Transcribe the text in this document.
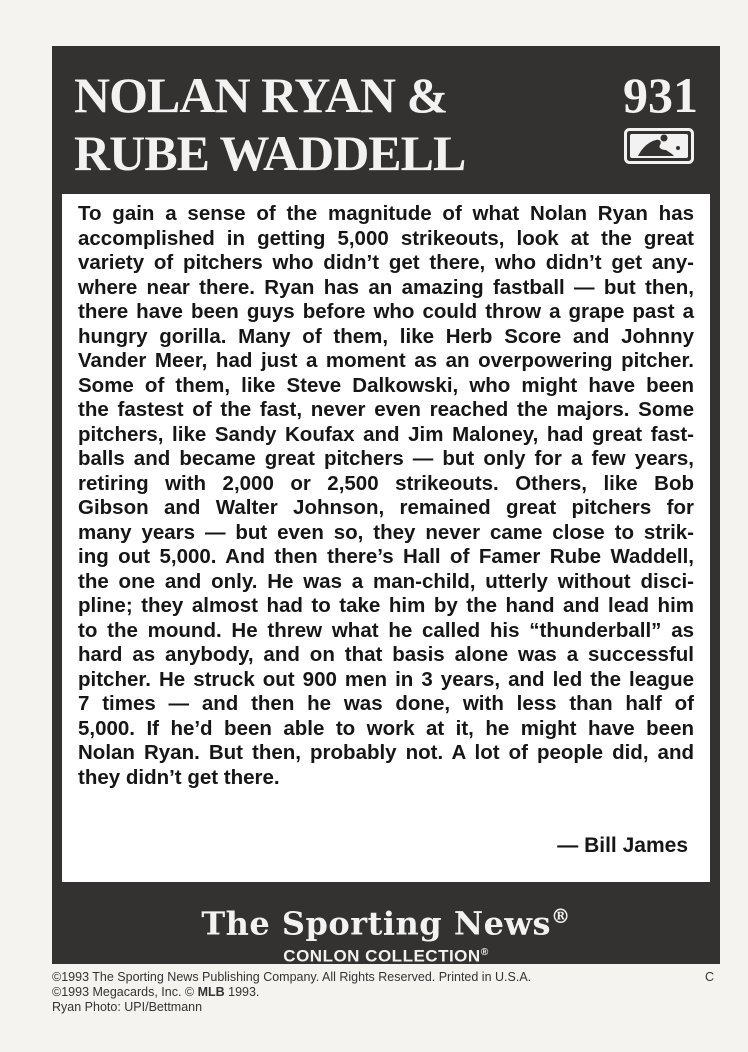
NOLAN RYAN &
RUBE WADDELL
931
To gain a sense of the magnitude of what Nolan Ryan has
accomplished in getting 5,000 strikeouts, look at the great
variety of pitchers who didn’t get there, who didn’t get any-
where near there. Ryan has an amazing fastball — but then,
there have been guys before who could throw a grape past a
hungry gorilla. Many of them, like Herb Score and Johnny
Vander Meer, had just a moment as an overpowering pitcher.
Some of them, like Steve Dalkowski, who might have been
the fastest of the fast, never even reached the majors. Some
pitchers, like Sandy Koufax and Jim Maloney, had great fast-
balls and became great pitchers — but only for a few years,
retiring with 2,000 or 2,500 strikeouts. Others, like Bob
Gibson and Walter Johnson, remained great pitchers for
many years — but even so, they never came close to strik-
ing out 5,000. And then there’s Hall of Famer Rube Waddell,
the one and only. He was a man-child, utterly without disci-
pline; they almost had to take him by the hand and lead him
to the mound. He threw what he called his “thunderball” as
hard as anybody, and on that basis alone was a successful
pitcher. He struck out 900 men in 3 years, and led the league
7 times — and then he was done, with less than half of
5,000. If he’d been able to work at it, he might have been
Nolan Ryan. But then, probably not. A lot of people did, and
they didn’t get there.
— Bill James
The Sporting News®
CONLON COLLECTION®
©1993 The Sporting News Publishing Company. All Rights Reserved. Printed in U.S.A.
©1993 Megacards, Inc. © MLB 1993.
Ryan Photo: UPI/Bettmann
C
